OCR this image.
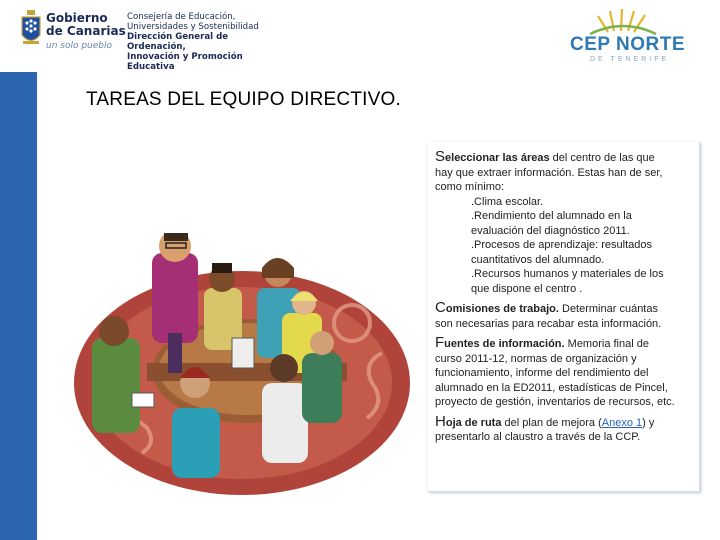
Gobierno
de Canarias
un solo pueblo
Consejería de Educación,
Universidades y Sostenibilidad
Dirección General de Ordenación,
Innovación y Promoción Educativa
CEP NORTE
DE TENERIFE
TAREAS DEL EQUIPO DIRECTIVO.

Seleccionar las áreas del centro de las que
hay que extraer información. Estas han de ser,
como mínimo:

.Clima escolar.
.Rendimiento del alumnado en la
evaluación del diagnóstico 2011.
.Procesos de aprendizaje: resultados
cuantitativos del alumnado.
.Recursos humanos y materiales de los
que dispone el centro .

Comisiones de trabajo. Determinar cuántas
son necesarias para recabar esta información.

Fuentes de información. Memoria final de
curso 2011-12, normas de organización y
funcionamiento, informe del rendimiento del
alumnado en la ED2011, estadísticas de Pincel,
proyecto de gestión, inventarios de recursos, etc.

Hoja de ruta del plan de mejora (Anexo 1) y
presentarlo al claustro a través de la CCP.
